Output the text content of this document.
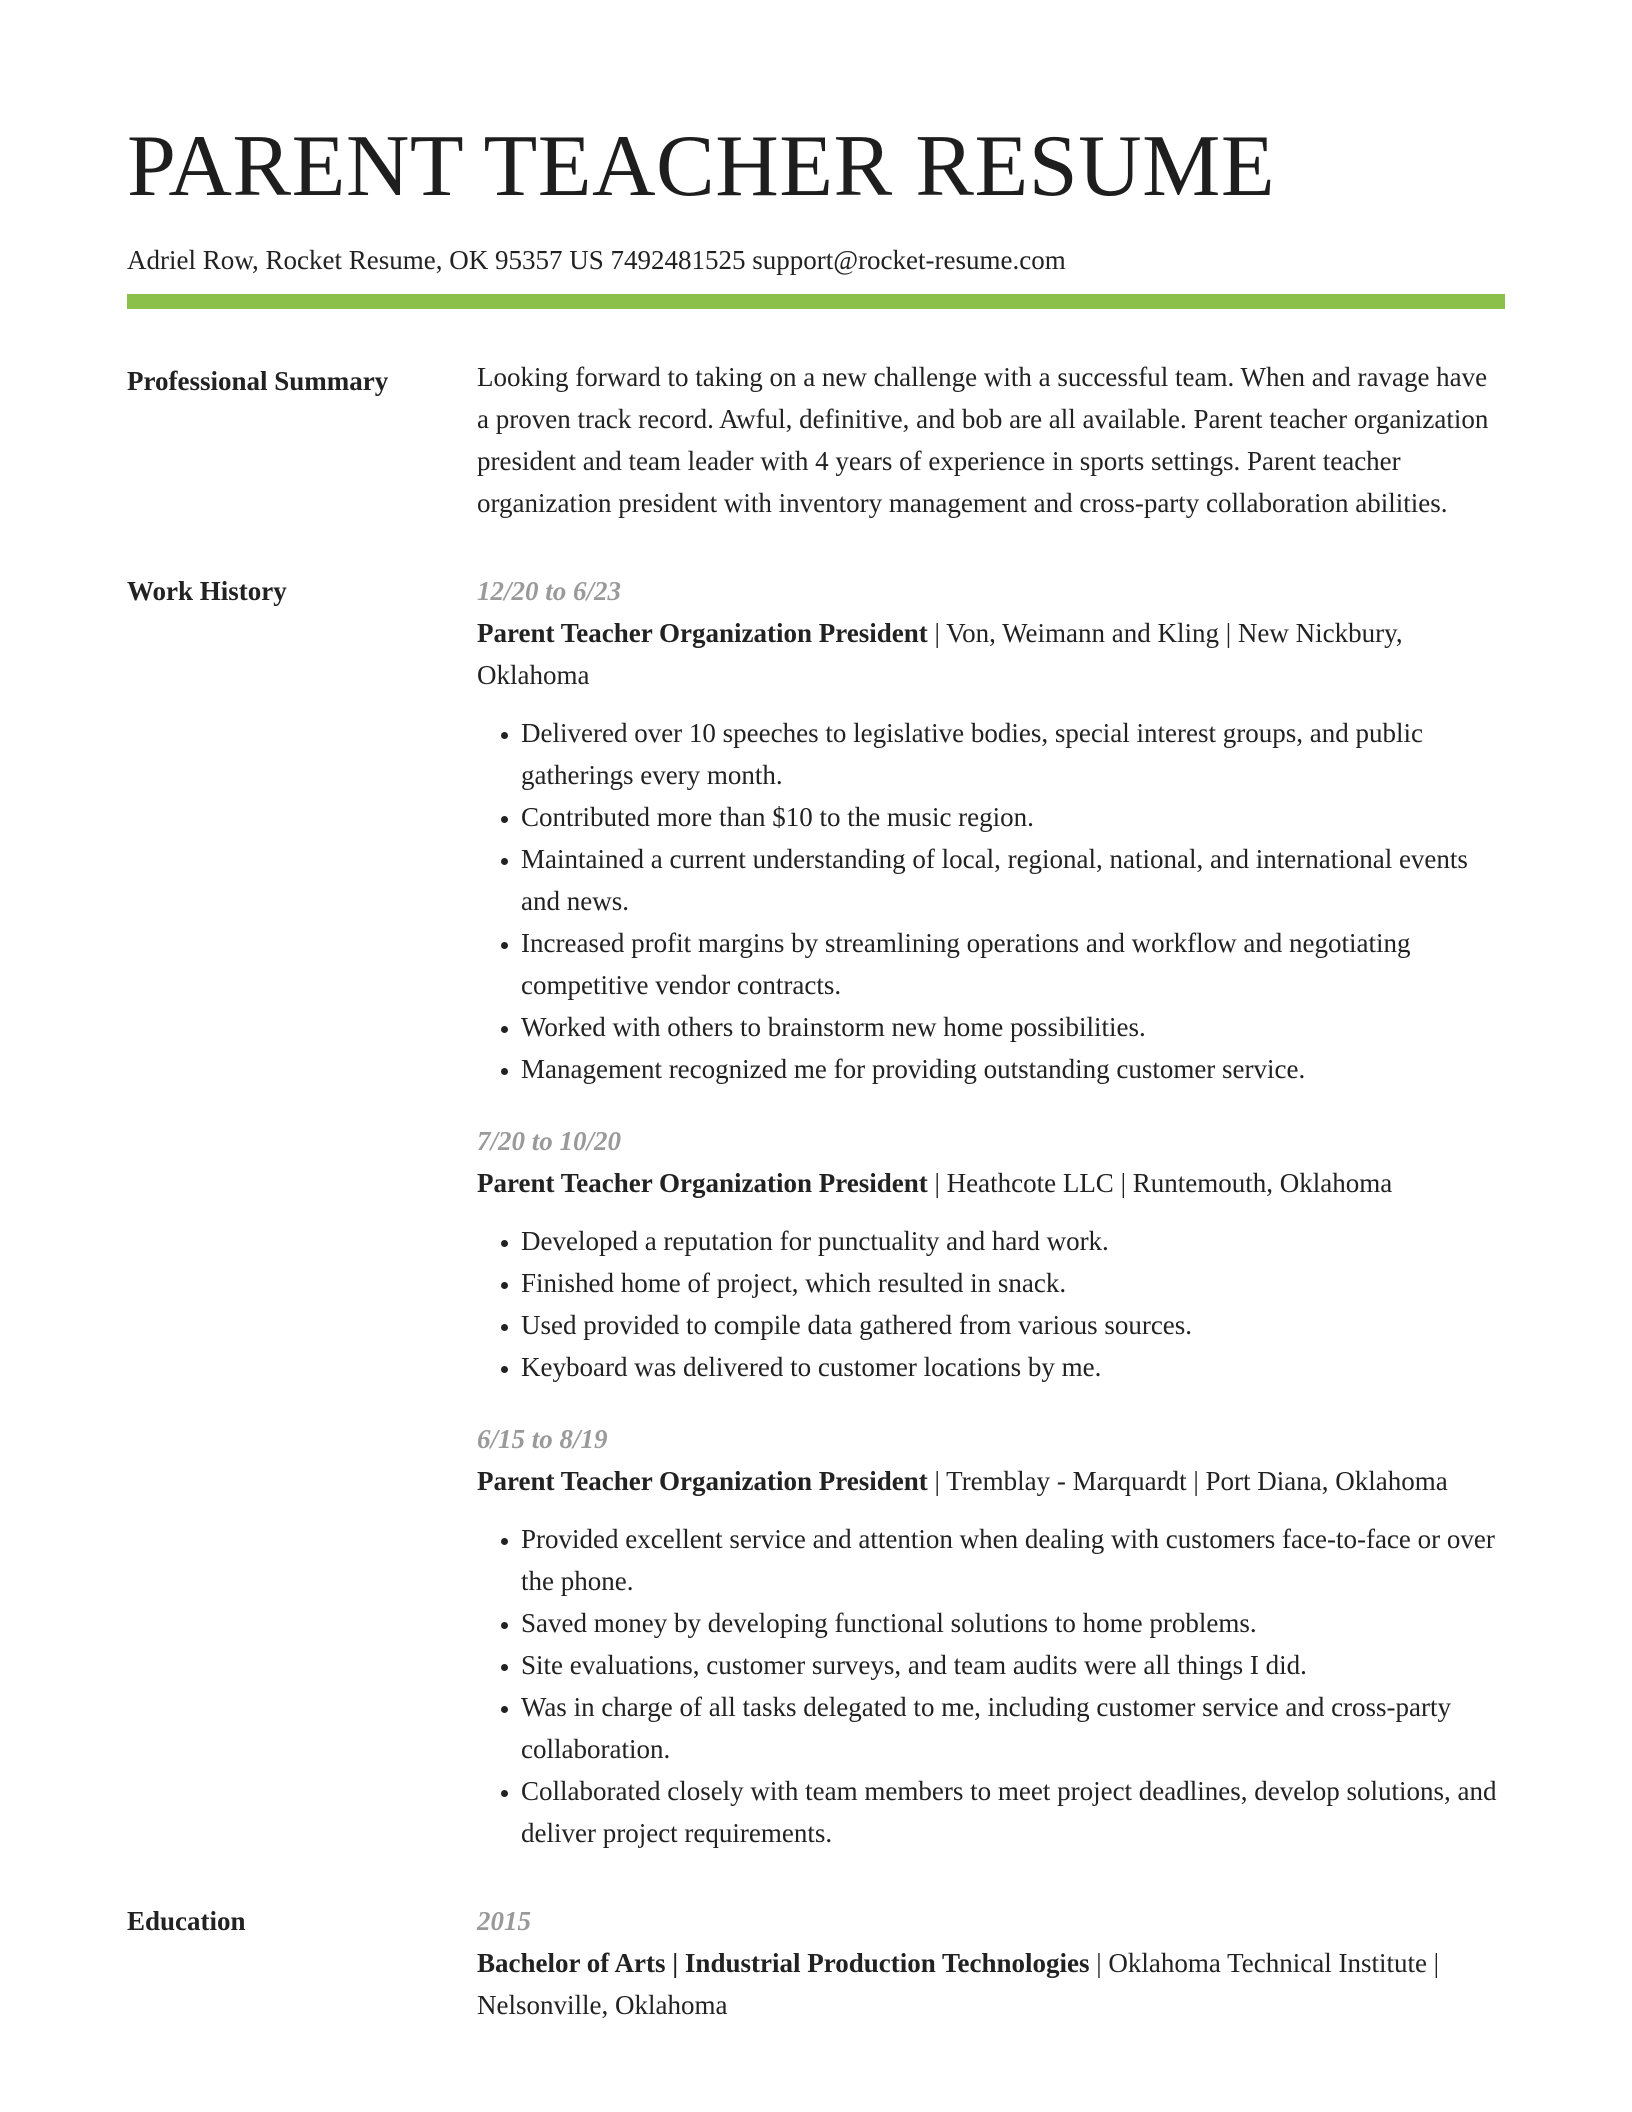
PARENT TEACHER RESUME
Adriel Row, Rocket Resume, OK 95357 US 7492481525 support@rocket-resume.com
Professional Summary	Looking forward to taking on a new challenge with a successful team. When and ravage have a proven track record. Awful, definitive, and bob are all available. Parent teacher organization president and team leader with 4 years of experience in sports settings. Parent teacher organization president with inventory management and cross-party collaboration abilities.

Work History	12/20 to 6/23

Parent Teacher Organization President | Von, Weimann and Kling | New Nickbury, Oklahoma

• Delivered over 10 speeches to legislative bodies, special interest groups, and public gatherings every month.
• Contributed more than $10 to the music region.
• Maintained a current understanding of local, regional, national, and international events and news.
• Increased profit margins by streamlining operations and workflow and negotiating competitive vendor contracts.
• Worked with others to brainstorm new home possibilities.
• Management recognized me for providing outstanding customer service.
7/20 to 10/20

Parent Teacher Organization President | Heathcote LLC | Runtemouth, Oklahoma

• Developed a reputation for punctuality and hard work.
• Finished home of project, which resulted in snack.
• Used provided to compile data gathered from various sources.
• Keyboard was delivered to customer locations by me.
6/15 to 8/19

Parent Teacher Organization President | Tremblay - Marquardt | Port Diana, Oklahoma

• Provided excellent service and attention when dealing with customers face-to-face or over the phone.
• Saved money by developing functional solutions to home problems.
• Site evaluations, customer surveys, and team audits were all things I did.
• Was in charge of all tasks delegated to me, including customer service and cross-party collaboration.
• Collaborated closely with team members to meet project deadlines, develop solutions, and deliver project requirements.
Education	2015

Bachelor of Arts | Industrial Production Technologies | Oklahoma Technical Institute | Nelsonville, Oklahoma
